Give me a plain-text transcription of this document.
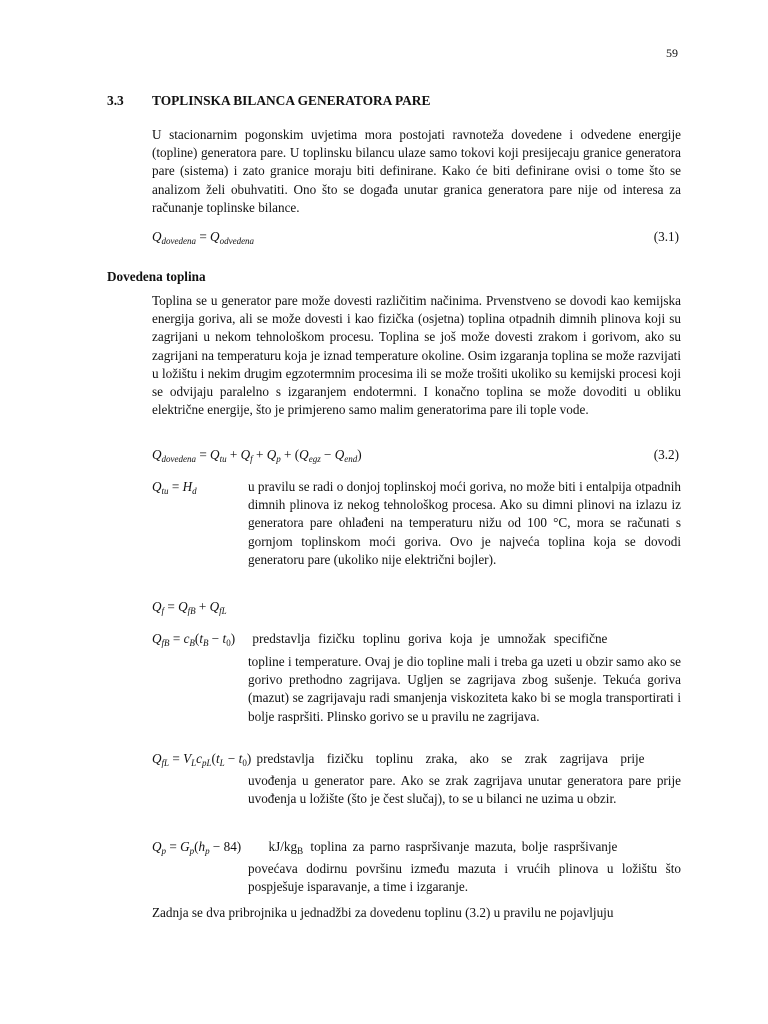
59
3.3 TOPLINSKA BILANCA GENERATORA PARE
U stacionarnim pogonskim uvjetima mora postojati ravnoteža dovedene i odvedene energije (topline) generatora pare. U toplinsku bilancu ulaze samo tokovi koji presijecaju granice generatora pare (sistema) i zato granice moraju biti definirane. Kako će biti definirane ovisi o tome što se analizom želi obuhvatiti. Ono što se događa unutar granica generatora pare nije od interesa za računanje toplinske bilance.
$Q_{dovedena} = Q_{odvedena}$	(3.1)
Dovedena toplina
Toplina se u generator pare može dovesti različitim načinima. Prvenstveno se dovodi kao kemijska energija goriva, ali se može dovesti i kao fizička (osjetna) toplina otpadnih dimnih plinova koji su zagrijani u nekom tehnološkom procesu. Toplina se još može dovesti zrakom i gorivom, ako su zagrijani na temperaturu koja je iznad temperature okoline. Osim izgaranja toplina se može razvijati u ložištu i nekim drugim egzotermnim procesima ili se može trošiti ukoliko su kemijski procesi koji se odvijaju paralelno s izgaranjem endotermni. I konačno toplina se može dovoditi u obliku električne energije, što je primjereno samo malim generatorima pare ili tople vode.
$Q_{dovedena} = Q_{tu} + Q_f + Q_p + (Q_{egz} - Q_{end})$	(3.2)
$Q_{tu} = H_d$	u pravilu se radi o donjoj toplinskoj moći goriva, no može biti i entalpija otpadnih dimnih plinova iz nekog tehnološkog procesa. Ako su dimni plinovi na izlazu iz generatora pare ohlađeni na temperaturu nižu od 100 °C, mora se računati s gornjom toplinskom moći goriva. Ovo je najveća toplina koja se dovodi generatoru pare (ukoliko nije električni bojler).
$Q_f = Q_{fB} + Q_{fL}$
$Q_{fB} = c_B(t_B - t_0)$ predstavlja fizičku toplinu goriva koja je umnožak specifične
topline i temperature. Ovaj je dio topline mali i treba ga uzeti u obzir samo ako se gorivo prethodno zagrijava. Ugljen se zagrijava zbog sušenje. Tekuća goriva (mazut) se zagrijavaju radi smanjenja viskoziteta kako bi se mogla transportirati i bolje raspršiti. Plinsko gorivo se u pravilu ne zagrijava.
$Q_{fL} = V_Lc_{pL}(t_L - t_0)$ predstavlja fizičku toplinu zraka, ako se zrak zagrijava prije
uvođenja u generator pare. Ako se zrak zagrijava unutar generatora pare prije uvođenja u ložište (što je čest slučaj), to se u bilanci ne uzima u obzir.
$Q_p = G_p(h_p - 84)$ $kJ/kg_B$ toplina za parno raspršivanje mazuta, bolje raspršivanje
povećava dodirnu površinu između mazuta i vrućih plinova u ložištu što pospješuje isparavanje, a time i izgaranje.
Zadnja se dva pribrojnika u jednadžbi za dovedenu toplinu (3.2) u pravilu ne pojavljuju
